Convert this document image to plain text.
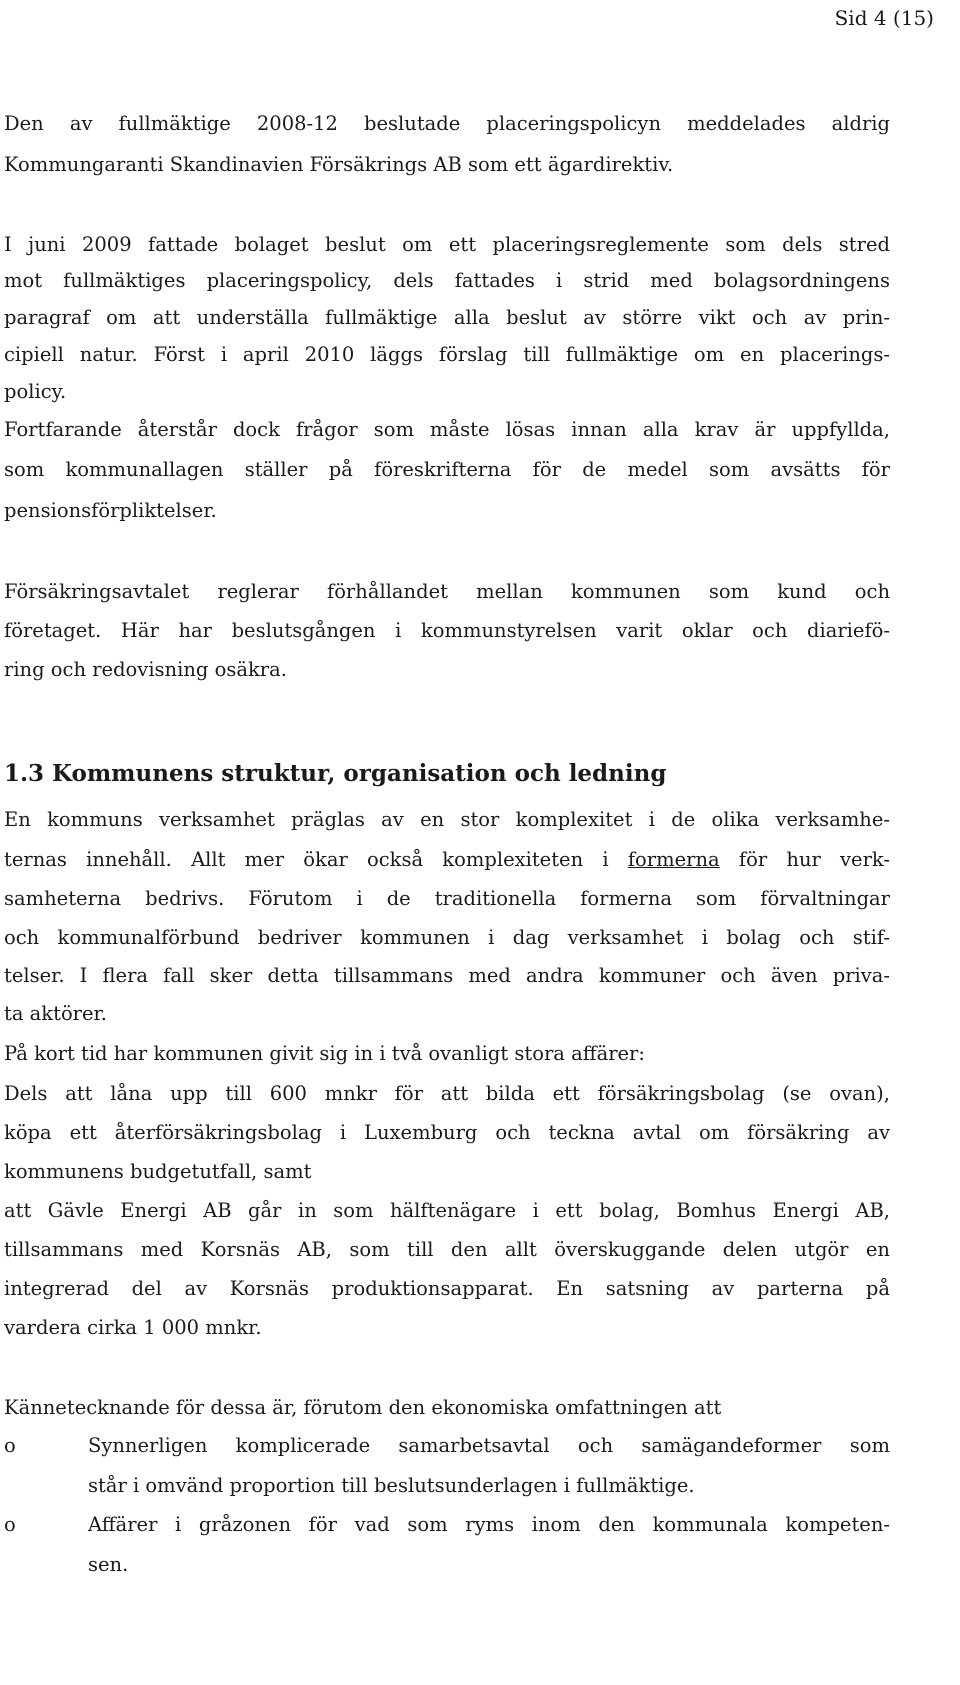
Sid 4 (15)
Den av fullmäktige 2008-12 beslutade placeringspolicyn meddelades aldrig
Kommungaranti Skandinavien Försäkrings AB som ett ägardirektiv.
I juni 2009 fattade bolaget beslut om ett placeringsreglemente som dels stred
mot fullmäktiges placeringspolicy, dels fattades i strid med bolagsordningens
paragraf om att underställa fullmäktige alla beslut av större vikt och av prin-
cipiell natur. Först i april 2010 läggs förslag till fullmäktige om en placerings-
policy.
Fortfarande återstår dock frågor som måste lösas innan alla krav är uppfyllda,
som kommunallagen ställer på föreskrifterna för de medel som avsätts för
pensionsförpliktelser.
Försäkringsavtalet reglerar förhållandet mellan kommunen som kund och
företaget. Här har beslutsgången i kommunstyrelsen varit oklar och diariefö-
ring och redovisning osäkra.
1.3 Kommunens struktur, organisation och ledning
En kommuns verksamhet präglas av en stor komplexitet i de olika verksamhe-
ternas innehåll. Allt mer ökar också komplexiteten i formerna för hur verk-
samheterna bedrivs. Förutom i de traditionella formerna som förvaltningar
och kommunalförbund bedriver kommunen i dag verksamhet i bolag och stif-
telser. I flera fall sker detta tillsammans med andra kommuner och även priva-
ta aktörer.
På kort tid har kommunen givit sig in i två ovanligt stora affärer:
Dels att låna upp till 600 mnkr för att bilda ett försäkringsbolag (se ovan),
köpa ett återförsäkringsbolag i Luxemburg och teckna avtal om försäkring av
kommunens budgetutfall, samt
att Gävle Energi AB går in som hälftenägare i ett bolag, Bomhus Energi AB,
tillsammans med Korsnäs AB, som till den allt överskuggande delen utgör en
integrerad del av Korsnäs produktionsapparat. En satsning av parterna på
vardera cirka 1 000 mnkr.
Kännetecknande för dessa är, förutom den ekonomiska omfattningen att
o	Synnerligen komplicerade samarbetsavtal och samägandeformer som
står i omvänd proportion till beslutsunderlagen i fullmäktige.
o	Affärer i gråzonen för vad som ryms inom den kommunala kompeten-
sen.
